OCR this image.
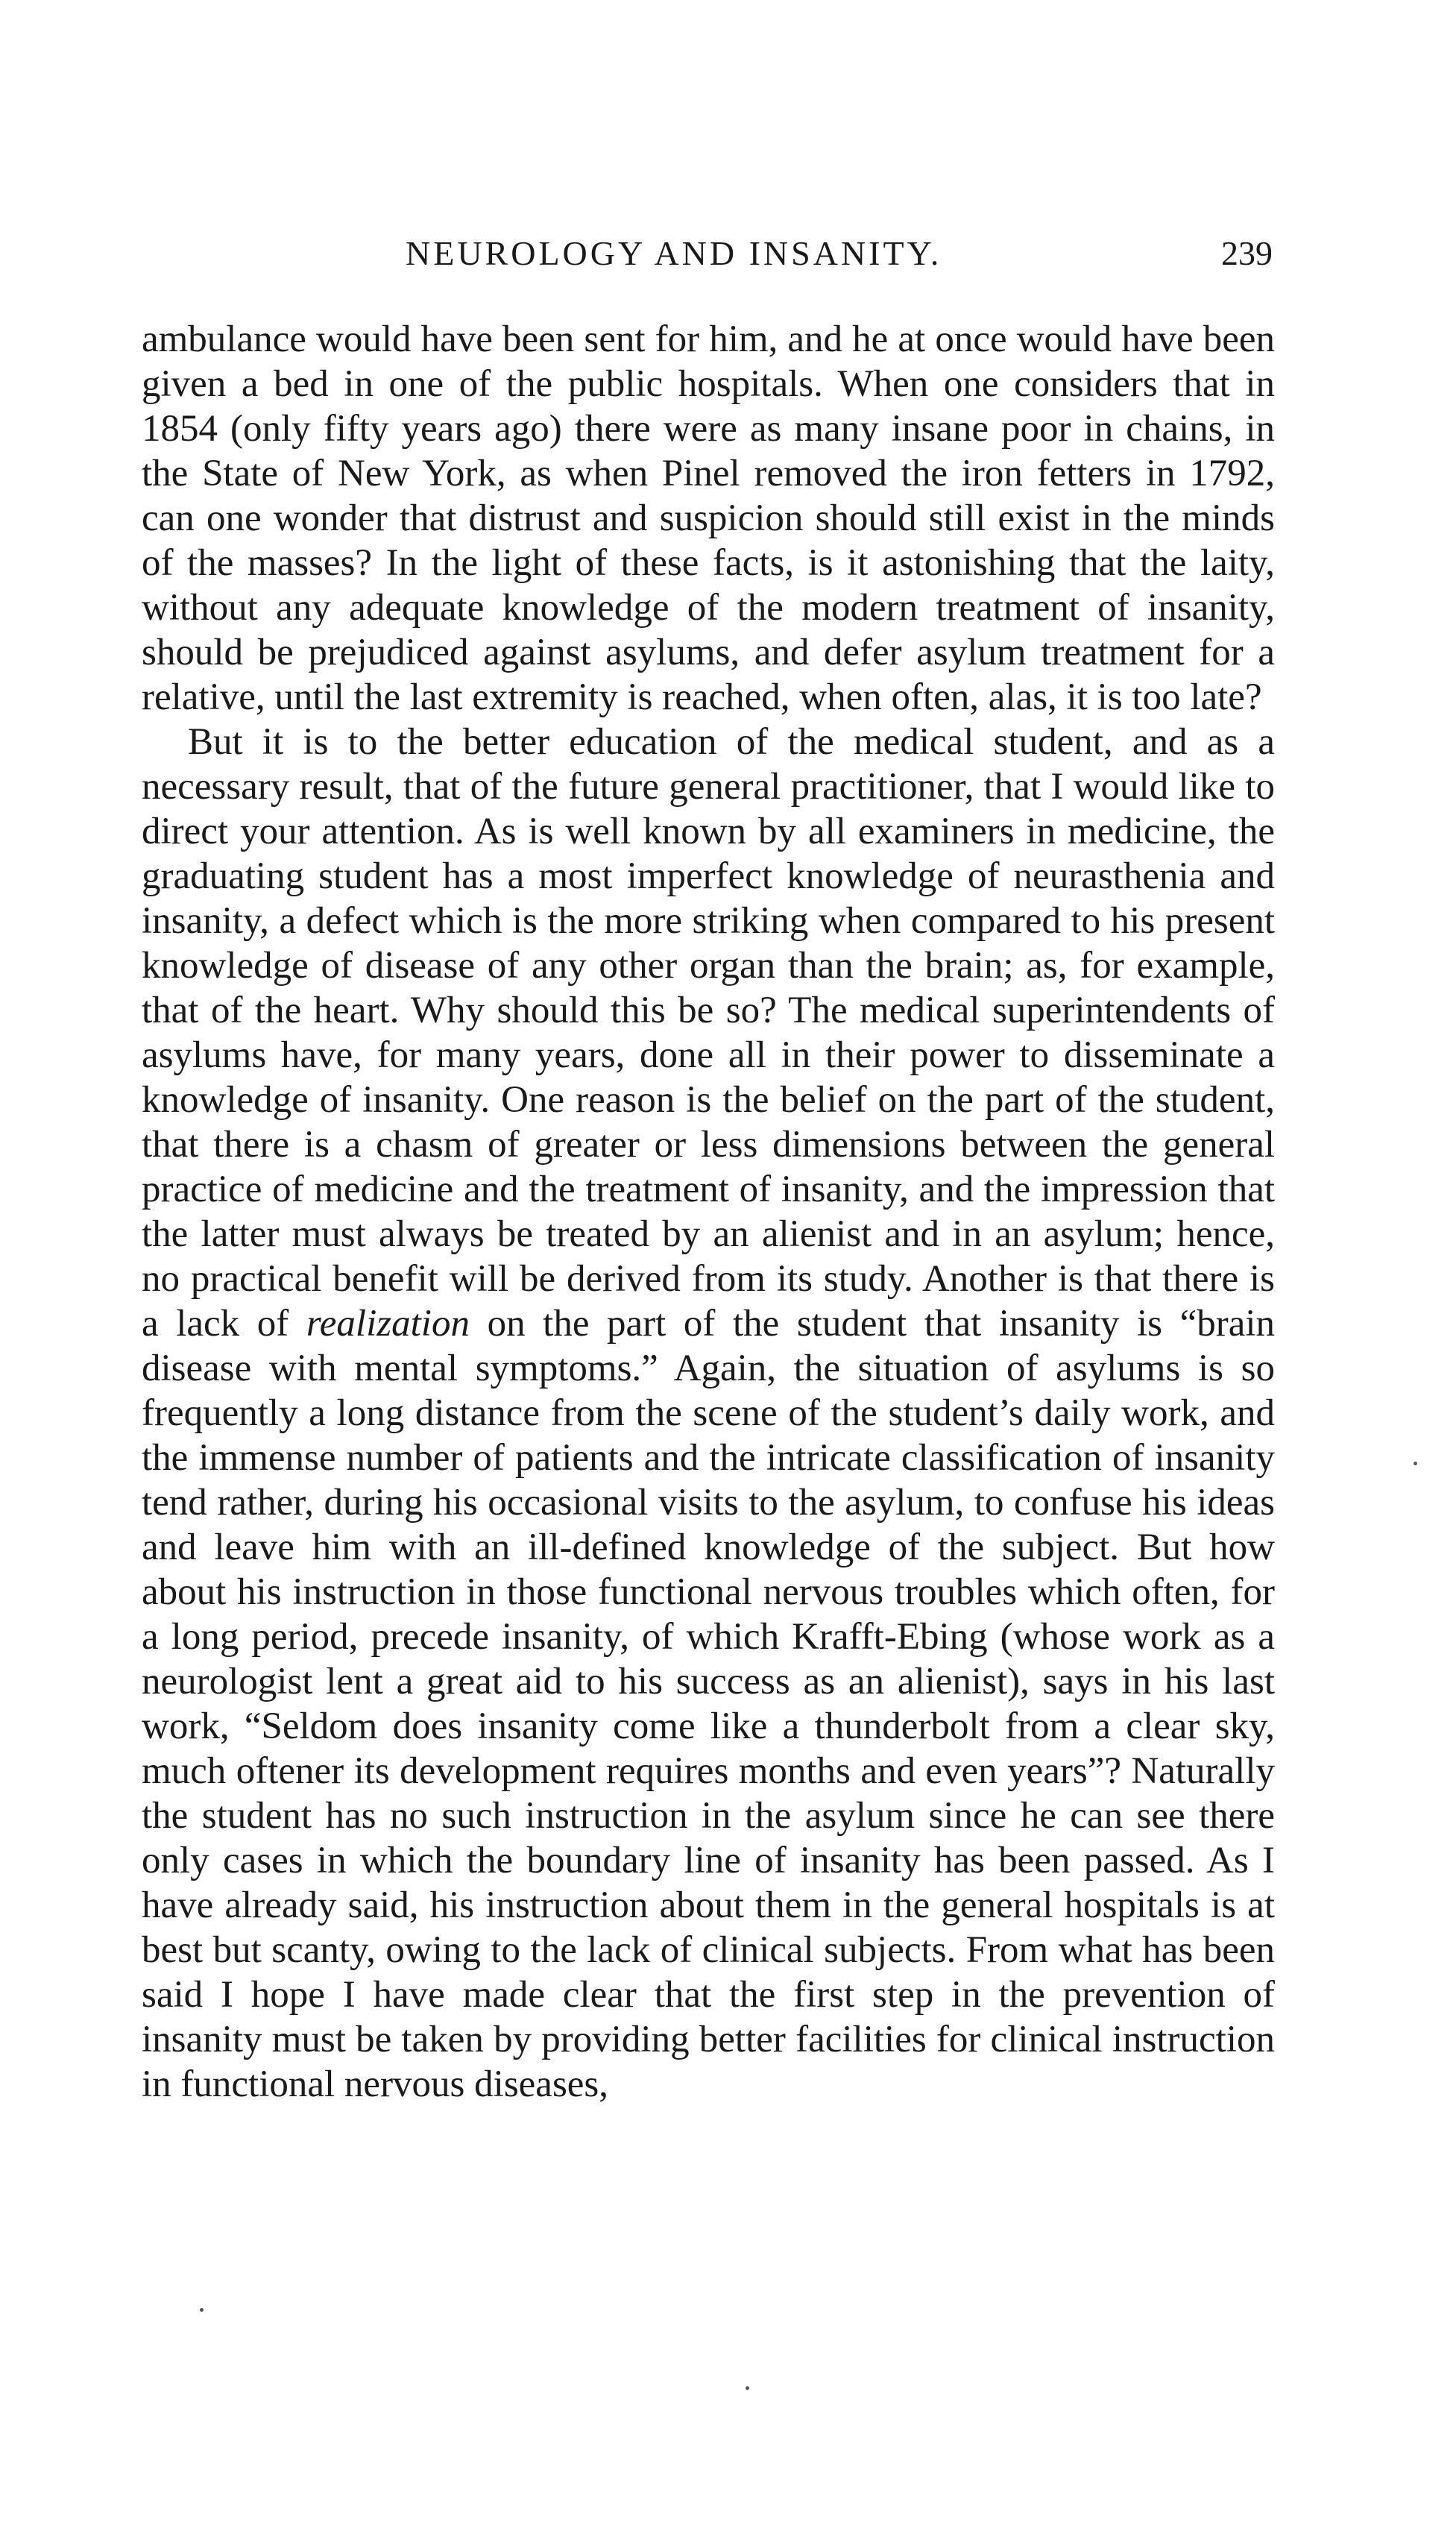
NEUROLOGY AND INSANITY.	239

ambulance would have been sent for him, and he at once would have been given a bed in one of the public hospitals. When one considers that in 1854 (only fifty years ago) there were as many insane poor in chains, in the State of New York, as when Pinel removed the iron fetters in 1792, can one wonder that distrust and suspicion should still exist in the minds of the masses? In the light of these facts, is it astonishing that the laity, without any adequate knowledge of the modern treatment of insanity, should be prejudiced against asylums, and defer asylum treatment for a relative, until the last extremity is reached, when often, alas, it is too late?

But it is to the better education of the medical student, and as a necessary result, that of the future general practitioner, that I would like to direct your attention. As is well known by all examiners in medicine, the graduating student has a most imperfect knowledge of neurasthenia and insanity, a defect which is the more striking when compared to his present knowledge of disease of any other organ than the brain; as, for example, that of the heart. Why should this be so? The medical superintendents of asylums have, for many years, done all in their power to disseminate a knowledge of insanity. One reason is the belief on the part of the student, that there is a chasm of greater or less dimensions between the general practice of medicine and the treatment of insanity, and the impression that the latter must always be treated by an alienist and in an asylum; hence, no practical benefit will be derived from its study. Another is that there is a lack of realization on the part of the student that insanity is “brain disease with mental symptoms.” Again, the situation of asylums is so frequently a long distance from the scene of the student’s daily work, and the immense number of patients and the intricate classification of insanity tend rather, during his occasional visits to the asylum, to confuse his ideas and leave him with an ill-defined knowledge of the subject. But how about his instruction in those functional nervous troubles which often, for a long period, precede insanity, of which Krafft-Ebing (whose work as a neurologist lent a great aid to his success as an alienist), says in his last work, “Seldom does insanity come like a thunderbolt from a clear sky, much oftener its development requires months and even years”? Naturally the student has no such instruction in the asylum since he can see there only cases in which the boundary line of insanity has been passed. As I have already said, his instruction about them in the general hospitals is at best but scanty, owing to the lack of clinical subjects. From what has been said I hope I have made clear that the first step in the prevention of insanity must be taken by providing better facilities for clinical instruction in functional nervous diseases,
